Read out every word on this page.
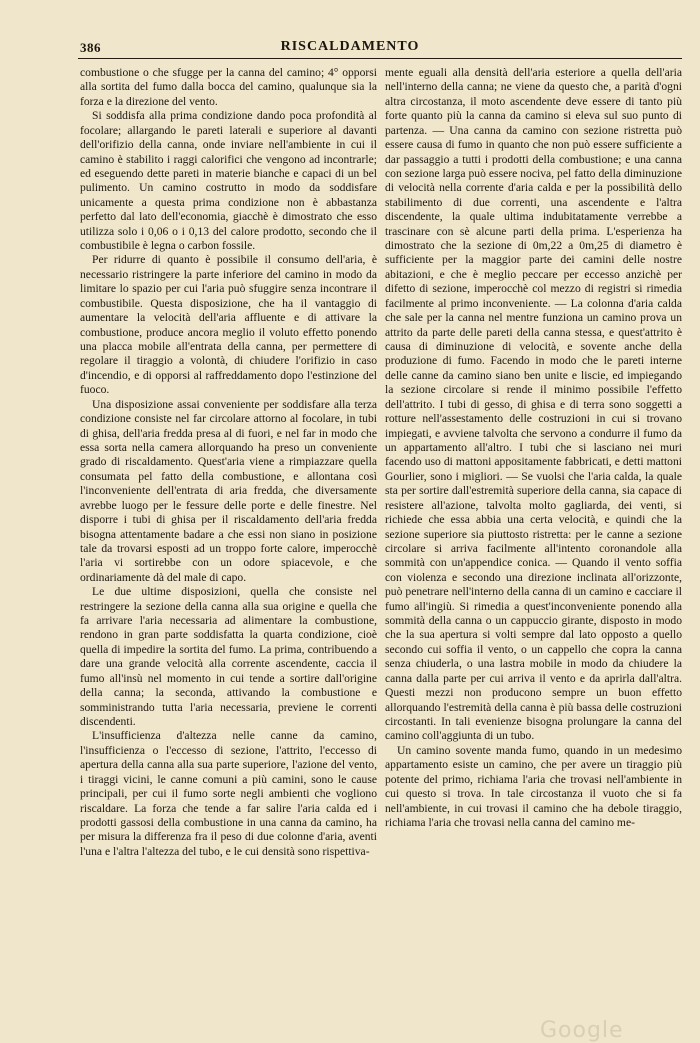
386	RISCALDAMENTO

combustione o che sfugge per la canna del camino; 4° opporsi alla sortita del fumo dalla bocca del camino, qualunque sia la forza e la direzione del vento.

Si soddisfa alla prima condizione dando poca profondità al focolare; allargando le pareti laterali e superiore al davanti dell'orifizio della canna, onde inviare nell'ambiente in cui il camino è stabilito i raggi calorifici che vengono ad incontrarle; ed eseguendo dette pareti in materie bianche e capaci di un bel pulimento. Un camino costrutto in modo da soddisfare unicamente a questa prima condizione non è abbastanza perfetto dal lato dell'economia, giacchè è dimostrato che esso utilizza solo i 0,06 o i 0,13 del calore prodotto, secondo che il combustibile è legna o carbon fossile.

Per ridurre di quanto è possibile il consumo dell'aria, è necessario ristringere la parte inferiore del camino in modo da limitare lo spazio per cui l'aria può sfuggire senza incontrare il combustibile. Questa disposizione, che ha il vantaggio di aumentare la velocità dell'aria affluente e di attivare la combustione, produce ancora meglio il voluto effetto ponendo una placca mobile all'entrata della canna, per permettere di regolare il tiraggio a volontà, di chiudere l'orifizio in caso d'incendio, e di opporsi al raffreddamento dopo l'estinzione del fuoco.

Una disposizione assai conveniente per soddisfare alla terza condizione consiste nel far circolare attorno al focolare, in tubi di ghisa, dell'aria fredda presa al di fuori, e nel far in modo che essa sorta nella camera allorquando ha preso un conveniente grado di riscaldamento. Quest'aria viene a rimpiazzare quella consumata pel fatto della combustione, e allontana così l'inconveniente dell'entrata di aria fredda, che diversamente avrebbe luogo per le fessure delle porte e delle finestre. Nel disporre i tubi di ghisa per il riscaldamento dell'aria fredda bisogna attentamente badare a che essi non siano in posizione tale da trovarsi esposti ad un troppo forte calore, imperocchè l'aria vi sortirebbe con un odore spiacevole, e che ordinariamente dà del male di capo.

Le due ultime disposizioni, quella che consiste nel restringere la sezione della canna alla sua origine e quella che fa arrivare l'aria necessaria ad alimentare la combustione, rendono in gran parte soddisfatta la quarta condizione, cioè quella di impedire la sortita del fumo. La prima, contribuendo a dare una grande velocità alla corrente ascendente, caccia il fumo all'insù nel momento in cui tende a sortire dall'origine della canna; la seconda, attivando la combustione e somministrando tutta l'aria necessaria, previene le correnti discendenti.

L'insufficienza d'altezza nelle canne da camino, l'insufficienza o l'eccesso di sezione, l'attrito, l'eccesso di apertura della canna alla sua parte superiore, l'azione del vento, i tiraggi vicini, le canne comuni a più camini, sono le cause principali, per cui il fumo sorte negli ambienti che vogliono riscaldare. La forza che tende a far salire l'aria calda ed i prodotti gassosi della combustione in una canna da camino, ha per misura la differenza fra il peso di due colonne d'aria, aventi l'una e l'altra l'altezza del tubo, e le cui densità sono rispettiva-

mente eguali alla densità dell'aria esteriore a quella dell'aria nell'interno della canna; ne viene da questo che, a parità d'ogni altra circostanza, il moto ascendente deve essere di tanto più forte quanto più la canna da camino si eleva sul suo punto di partenza. — Una canna da camino con sezione ristretta può essere causa di fumo in quanto che non può essere sufficiente a dar passaggio a tutti i prodotti della combustione; e una canna con sezione larga può essere nociva, pel fatto della diminuzione di velocità nella corrente d'aria calda e per la possibilità dello stabilimento di due correnti, una ascendente e l'altra discendente, la quale ultima indubitatamente verrebbe a trascinare con sè alcune parti della prima. L'esperienza ha dimostrato che la sezione di 0m,22 a 0m,25 di diametro è sufficiente per la maggior parte dei camini delle nostre abitazioni, e che è meglio peccare per eccesso anzichè per difetto di sezione, imperocchè col mezzo di registri si rimedia facilmente al primo inconveniente. — La colonna d'aria calda che sale per la canna nel mentre funziona un camino prova un attrito da parte delle pareti della canna stessa, e quest'attrito è causa di diminuzione di velocità, e sovente anche della produzione di fumo. Facendo in modo che le pareti interne delle canne da camino siano ben unite e liscie, ed impiegando la sezione circolare si rende il minimo possibile l'effetto dell'attrito. I tubi di gesso, di ghisa e di terra sono soggetti a rotture nell'assestamento delle costruzioni in cui si trovano impiegati, e avviene talvolta che servono a condurre il fumo da un appartamento all'altro. I tubi che si lasciano nei muri facendo uso di mattoni appositamente fabbricati, e detti mattoni Gourlier, sono i migliori. — Se vuolsi che l'aria calda, la quale sta per sortire dall'estremità superiore della canna, sia capace di resistere all'azione, talvolta molto gagliarda, dei venti, si richiede che essa abbia una certa velocità, e quindi che la sezione superiore sia piuttosto ristretta: per le canne a sezione circolare si arriva facilmente all'intento coronandole alla sommità con un'appendice conica. — Quando il vento soffia con violenza e secondo una direzione inclinata all'orizzonte, può penetrare nell'interno della canna di un camino e cacciare il fumo all'ingiù. Si rimedia a quest'inconveniente ponendo alla sommità della canna o un cappuccio girante, disposto in modo che la sua apertura si volti sempre dal lato opposto a quello secondo cui soffia il vento, o un cappello che copra la canna senza chiuderla, o una lastra mobile in modo da chiudere la canna dalla parte per cui arriva il vento e da aprirla dall'altra. Questi mezzi non producono sempre un buon effetto allorquando l'estremità della canna è più bassa delle costruzioni circostanti. In tali evenienze bisogna prolungare la canna del camino coll'aggiunta di un tubo.

Un camino sovente manda fumo, quando in un medesimo appartamento esiste un camino, che per avere un tiraggio più potente del primo, richiama l'aria che trovasi nell'ambiente in cui questo si trova. In tale circostanza il vuoto che si fa nell'ambiente, in cui trovasi il camino che ha debole tiraggio, richiama l'aria che trovasi nella canna del camino me-

Google
